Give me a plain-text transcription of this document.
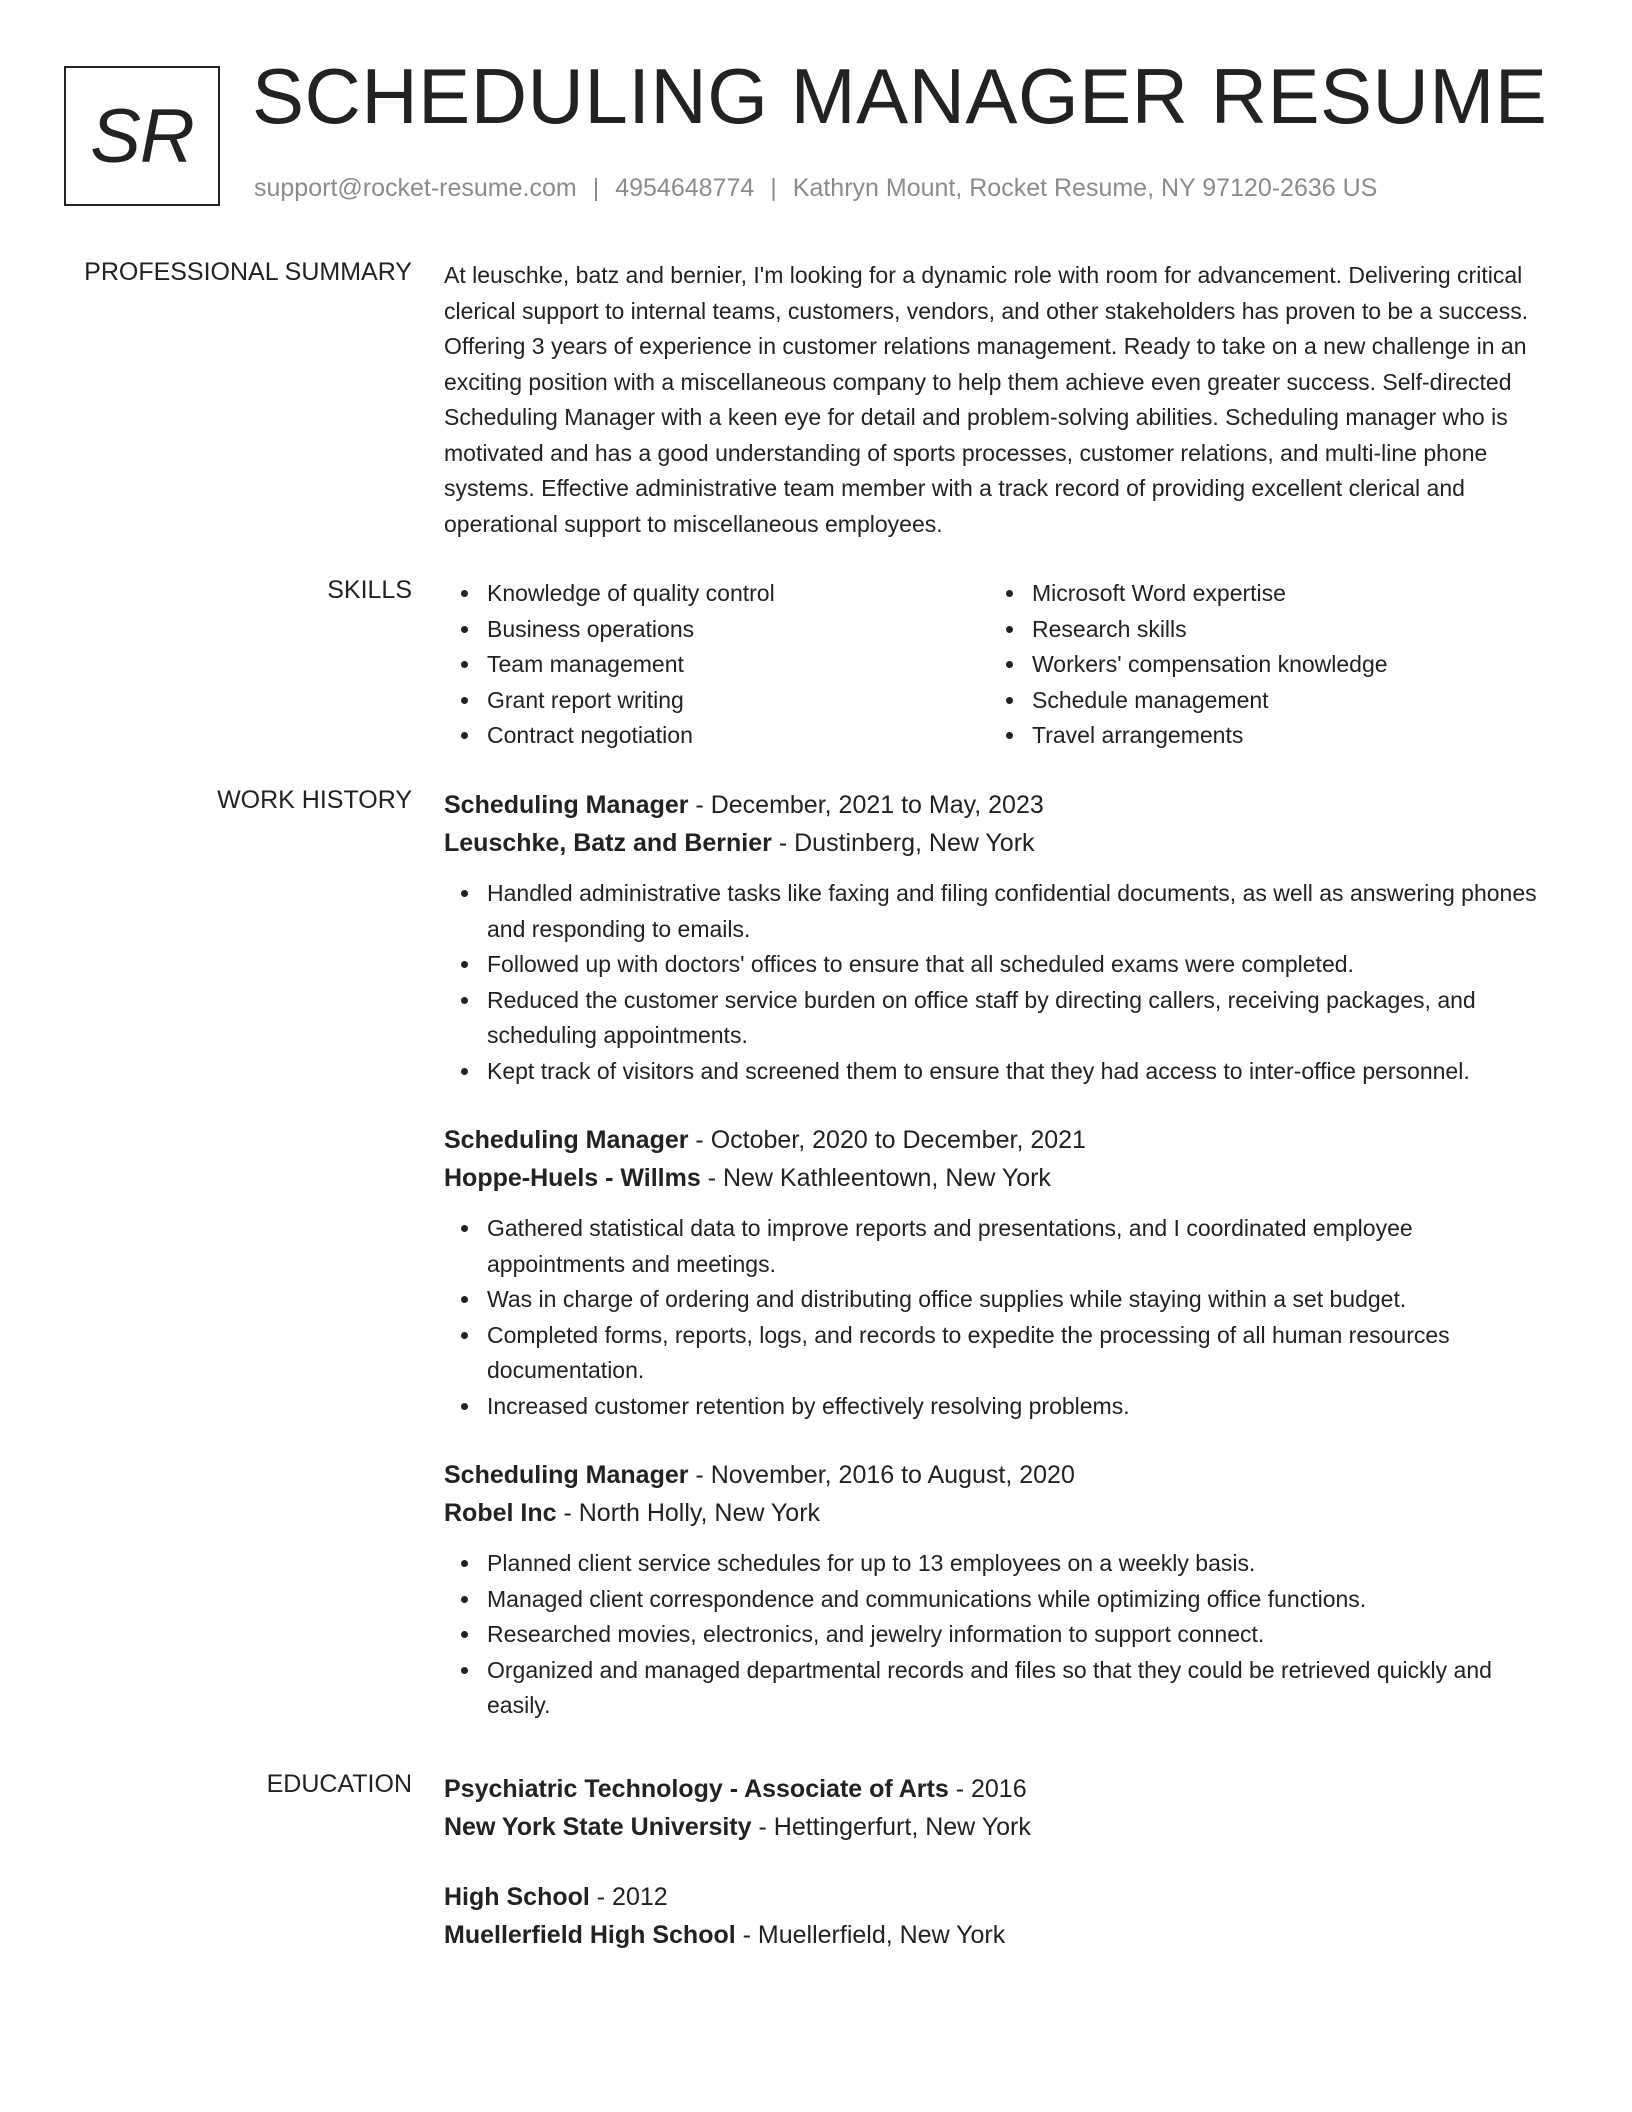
SR SCHEDULING MANAGER RESUME
support@rocket-resume.com | 4954648774 | Kathryn Mount, Rocket Resume, NY 97120-2636 US
PROFESSIONAL SUMMARY At leuschke, batz and bernier, I'm looking for a dynamic role with room for advancement. Delivering critical clerical support to internal teams, customers, vendors, and other stakeholders has proven to be a success. Offering 3 years of experience in customer relations management. Ready to take on a new challenge in an exciting position with a miscellaneous company to help them achieve even greater success. Self-directed Scheduling Manager with a keen eye for detail and problem-solving abilities. Scheduling manager who is motivated and has a good understanding of sports processes, customer relations, and multi-line phone systems. Effective administrative team member with a track record of providing excellent clerical and operational support to miscellaneous employees.

SKILLS	Knowledge of quality control
Business operations
Team management
Grant report writing
Contract negotiation
Microsoft Word expertise
Research skills
Workers' compensation knowledge
Schedule management
Travel arrangements
WORK HISTORY Scheduling Manager - December, 2021 to May, 2023
Leuschke, Batz and Bernier - Dustinberg, New York
Handled administrative tasks like faxing and filing confidential documents, as well as answering phones and responding to emails.
Followed up with doctors' offices to ensure that all scheduled exams were completed.
Reduced the customer service burden on office staff by directing callers, receiving packages, and scheduling appointments.
Kept track of visitors and screened them to ensure that they had access to inter-office personnel.
Scheduling Manager - October, 2020 to December, 2021
Hoppe-Huels - Willms - New Kathleentown, New York
Gathered statistical data to improve reports and presentations, and I coordinated employee appointments and meetings.
Was in charge of ordering and distributing office supplies while staying within a set budget.
Completed forms, reports, logs, and records to expedite the processing of all human resources documentation.
Increased customer retention by effectively resolving problems.
Scheduling Manager - November, 2016 to August, 2020
Robel Inc - North Holly, New York
Planned client service schedules for up to 13 employees on a weekly basis.
Managed client correspondence and communications while optimizing office functions.
Researched movies, electronics, and jewelry information to support connect.
Organized and managed departmental records and files so that they could be retrieved quickly and easily.
EDUCATION Psychiatric Technology - Associate of Arts - 2016
New York State University - Hettingerfurt, New York
High School - 2012
Muellerfield High School - Muellerfield, New York
